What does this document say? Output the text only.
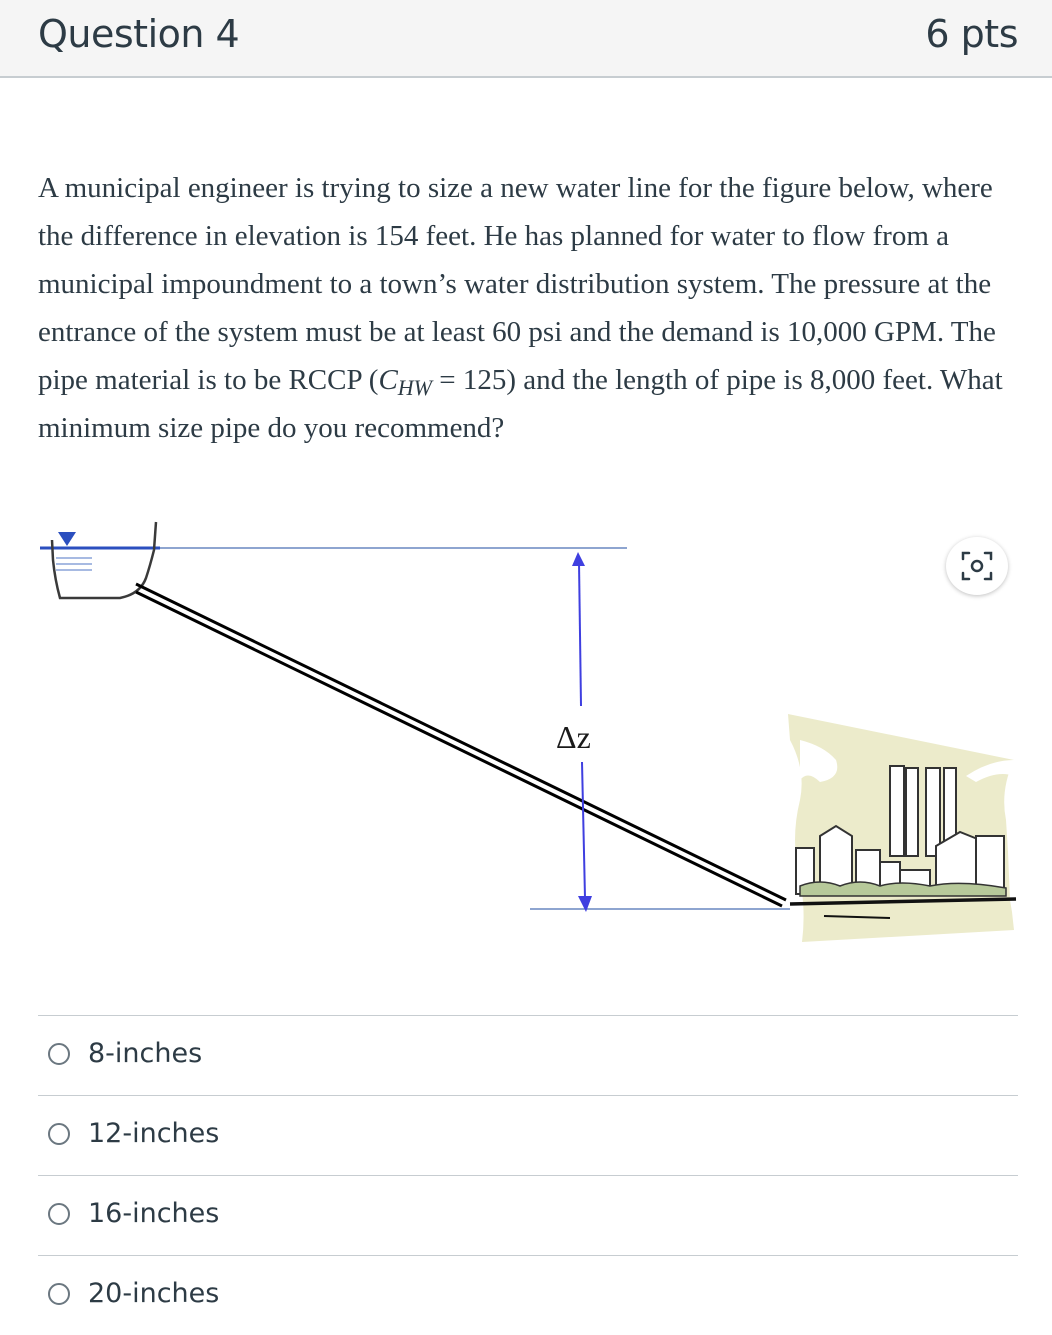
Question 4	6 pts
A municipal engineer is trying to size a new water line for the figure below, where the difference in elevation is 154 feet. He has planned for water to flow from a municipal impoundment to a town’s water distribution system. The pressure at the entrance of the system must be at least 60 psi and the demand is 10,000 GPM. The pipe material is to be RCCP $(C_{HW} = 125)$ and the length of pipe is 8,000 feet. What minimum size pipe do you recommend?
Δz
8-inches
12-inches
16-inches
20-inches
